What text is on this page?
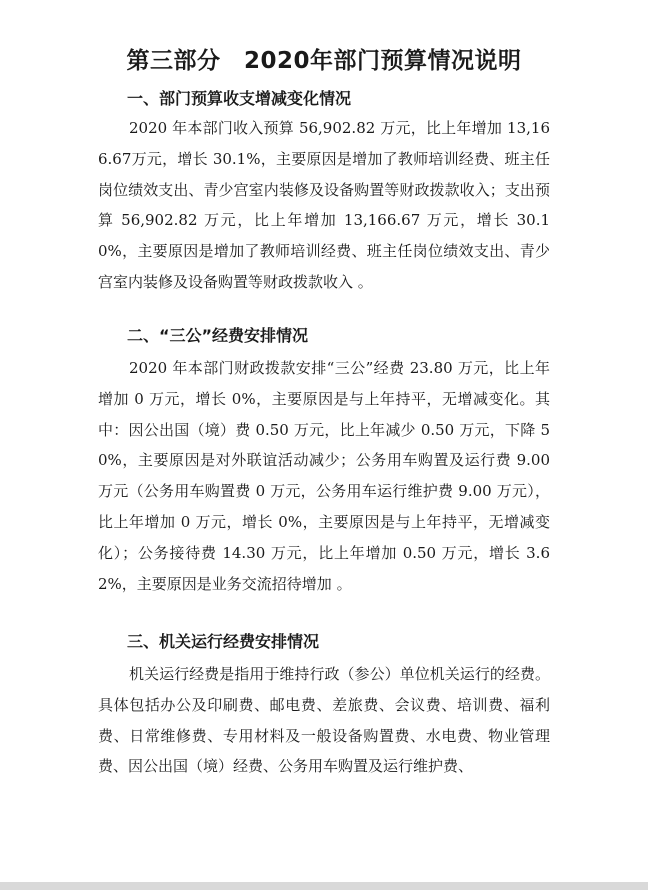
第三部分　2020年部门预算情况说明
一、部门预算收支增减变化情况

2020 年本部门收入预算 56,902.82 万元，比上年增加 13,166.67万元，增长 30.1%，主要原因是增加了教师培训经费、班主任岗位绩效支出、青少宫室内装修及设备购置等财政拨款收入；支出预算 56,902.82 万元，比上年增加 13,166.67 万元，增长 30.10%，主要原因是增加了教师培训经费、班主任岗位绩效支出、青少宫室内装修及设备购置等财政拨款收入 。

二、“三公”经费安排情况

2020 年本部门财政拨款安排“三公”经费 23.80 万元，比上年增加 0 万元，增长 0%，主要原因是与上年持平，无增减变化。其中：因公出国（境）费 0.50 万元，比上年减少 0.50 万元，下降 50%，主要原因是对外联谊活动减少；公务用车购置及运行费 9.00 万元（公务用车购置费 0 万元，公务用车运行维护费 9.00 万元），比上年增加 0 万元，增长 0%，主要原因是与上年持平，无增减变化）；公务接待费 14.30 万元，比上年增加 0.50 万元，增长 3.62%，主要原因是业务交流招待增加 。

三、机关运行经费安排情况

机关运行经费是指用于维持行政（参公）单位机关运行的经费。具体包括办公及印刷费、邮电费、差旅费、会议费、培训费、福利费、日常维修费、专用材料及一般设备购置费、水电费、物业管理费、因公出国（境）经费、公务用车购置及运行维护费、
